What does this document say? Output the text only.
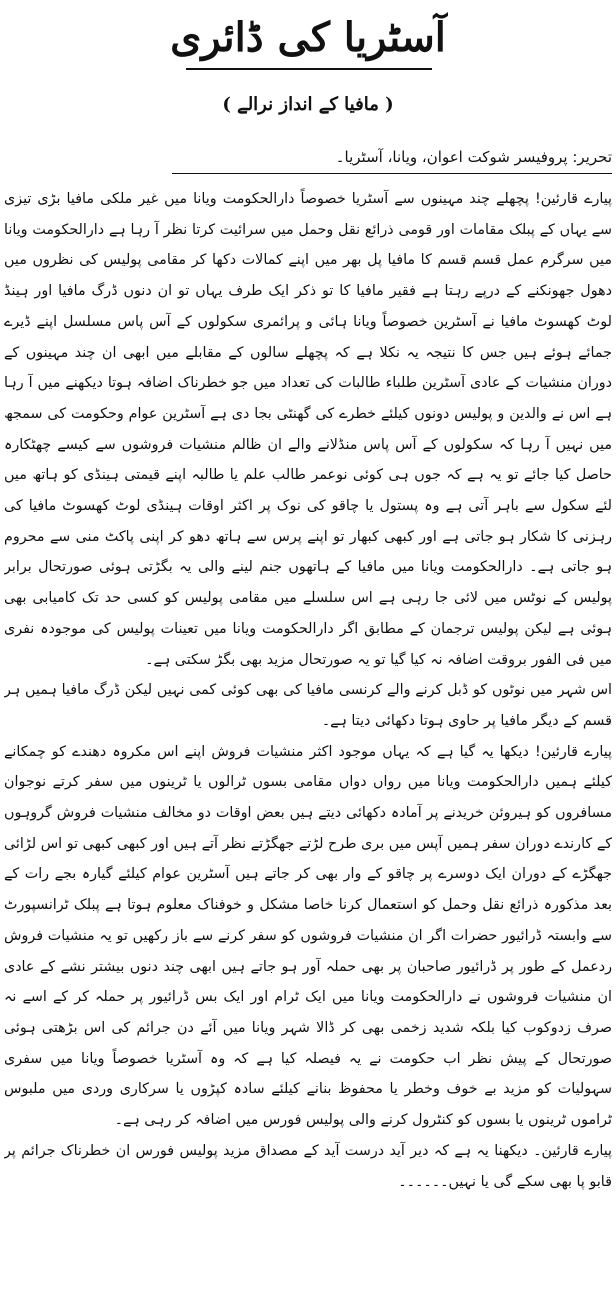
آسٹریا کی ڈائری
( مافیا کے انداز نرالے )
تحریر: پروفیسر شوکت اعوان، ویانا، آسٹریا۔

پیارے قارئین! پچھلے چند مہینوں سے آسٹریا خصوصاً دارالحکومت ویانا میں غیر ملکی مافیا بڑی تیزی سے یہاں کے پبلک مقامات اور قومی ذرائع نقل وحمل میں سرائیت کرتا نظر آ رہا ہے دارالحکومت ویانا میں سرگرم عمل قسم قسم کا مافیا پل بھر میں اپنے کمالات دکھا کر مقامی پولیس کی نظروں میں دھول جھونکنے کے درپے رہتا ہے فقیر مافیا کا تو ذکر ایک طرف یہاں تو ان دنوں ڈرگ مافیا اور ہینڈ لوٹ کھسوٹ مافیا نے آسٹرین خصوصاً ویانا ہائی و پرائمری سکولوں کے آس پاس مسلسل اپنے ڈیرے جمائے ہوئے ہیں جس کا نتیجہ یہ نکلا ہے کہ پچھلے سالوں کے مقابلے میں ابھی ان چند مہینوں کے دوران منشیات کے عادی آسٹرین طلباء طالبات کی تعداد میں جو خطرناک اضافہ ہوتا دیکھنے میں آ رہا ہے اس نے والدین و پولیس دونوں کیلئے خطرے کی گھنٹی بجا دی ہے آسٹرین عوام وحکومت کی سمجھ میں نہیں آ رہا کہ سکولوں کے آس پاس منڈلانے والے ان ظالم منشیات فروشوں سے کیسے چھٹکارہ حاصل کیا جائے تو یہ ہے کہ جوں ہی کوئی نوعمر طالب علم یا طالبہ اپنے قیمتی ہینڈی کو ہاتھ میں لئے سکول سے باہر آتی ہے وہ پستول یا چاقو کی نوک پر اکثر اوقات ہینڈی لوٹ کھسوٹ مافیا کی رہزنی کا شکار ہو جاتی ہے اور کبھی کبھار تو اپنے پرس سے ہاتھ دھو کر اپنی پاکٹ منی سے محروم ہو جاتی ہے۔ دارالحکومت ویانا میں مافیا کے ہاتھوں جنم لینے والی یہ بگڑتی ہوئی صورتحال برابر پولیس کے نوٹس میں لائی جا رہی ہے اس سلسلے میں مقامی پولیس کو کسی حد تک کامیابی بھی ہوئی ہے لیکن پولیس ترجمان کے مطابق اگر دارالحکومت ویانا میں تعینات پولیس کی موجودہ نفری میں فی الفور بروقت اضافہ نہ کیا گیا تو یہ صورتحال مزید بھی بگڑ سکتی ہے۔

اس شہر میں نوٹوں کو ڈبل کرنے والے کرنسی مافیا کی بھی کوئی کمی نہیں لیکن ڈرگ مافیا ہمیں ہر قسم کے دیگر مافیا پر حاوی ہوتا دکھائی دیتا ہے۔

پیارے قارئین! دیکھا یہ گیا ہے کہ یہاں موجود اکثر منشیات فروش اپنے اس مکروہ دھندے کو چمکانے کیلئے ہمیں دارالحکومت ویانا میں رواں دواں مقامی بسوں ٹرالوں یا ٹرینوں میں سفر کرتے نوجوان مسافروں کو ہیروئن خریدنے پر آمادہ دکھائی دیتے ہیں بعض اوقات دو مخالف منشیات فروش گروہوں کے کارندے دوران سفر ہمیں آپس میں بری طرح لڑتے جھگڑتے نظر آتے ہیں اور کبھی کبھی تو اس لڑائی جھگڑے کے دوران ایک دوسرے پر چاقو کے وار بھی کر جاتے ہیں آسٹرین عوام کیلئے گیارہ بجے رات کے بعد مذکورہ ذرائع نقل وحمل کو استعمال کرنا خاصا مشکل و خوفناک معلوم ہوتا ہے پبلک ٹرانسپورٹ سے وابستہ ڈرائیور حضرات اگر ان منشیات فروشوں کو سفر کرنے سے باز رکھیں تو یہ منشیات فروش ردعمل کے طور پر ڈرائیور صاحبان پر بھی حملہ آور ہو جاتے ہیں ابھی چند دنوں بیشتر نشے کے عادی ان منشیات فروشوں نے دارالحکومت ویانا میں ایک ٹرام اور ایک بس ڈرائیور پر حملہ کر کے اسے نہ صرف زدوکوب کیا بلکہ شدید زخمی بھی کر ڈالا شہر ویانا میں آئے دن جرائم کی اس بڑھتی ہوئی صورتحال کے پیش نظر اب حکومت نے یہ فیصلہ کیا ہے کہ وہ آسٹریا خصوصاً ویانا میں سفری سہولیات کو مزید بے خوف وخطر یا محفوظ بنانے کیلئے سادہ کپڑوں یا سرکاری وردی میں ملبوس ٹراموں ٹرینوں یا بسوں کو کنٹرول کرنے والی پولیس فورس میں اضافہ کر رہی ہے۔

پیارے قارئین۔ دیکھنا یہ ہے کہ دیر آید درست آید کے مصداق مزید پولیس فورس ان خطرناک جرائم پر قابو پا بھی سکے گی یا نہیں۔۔۔۔۔۔
